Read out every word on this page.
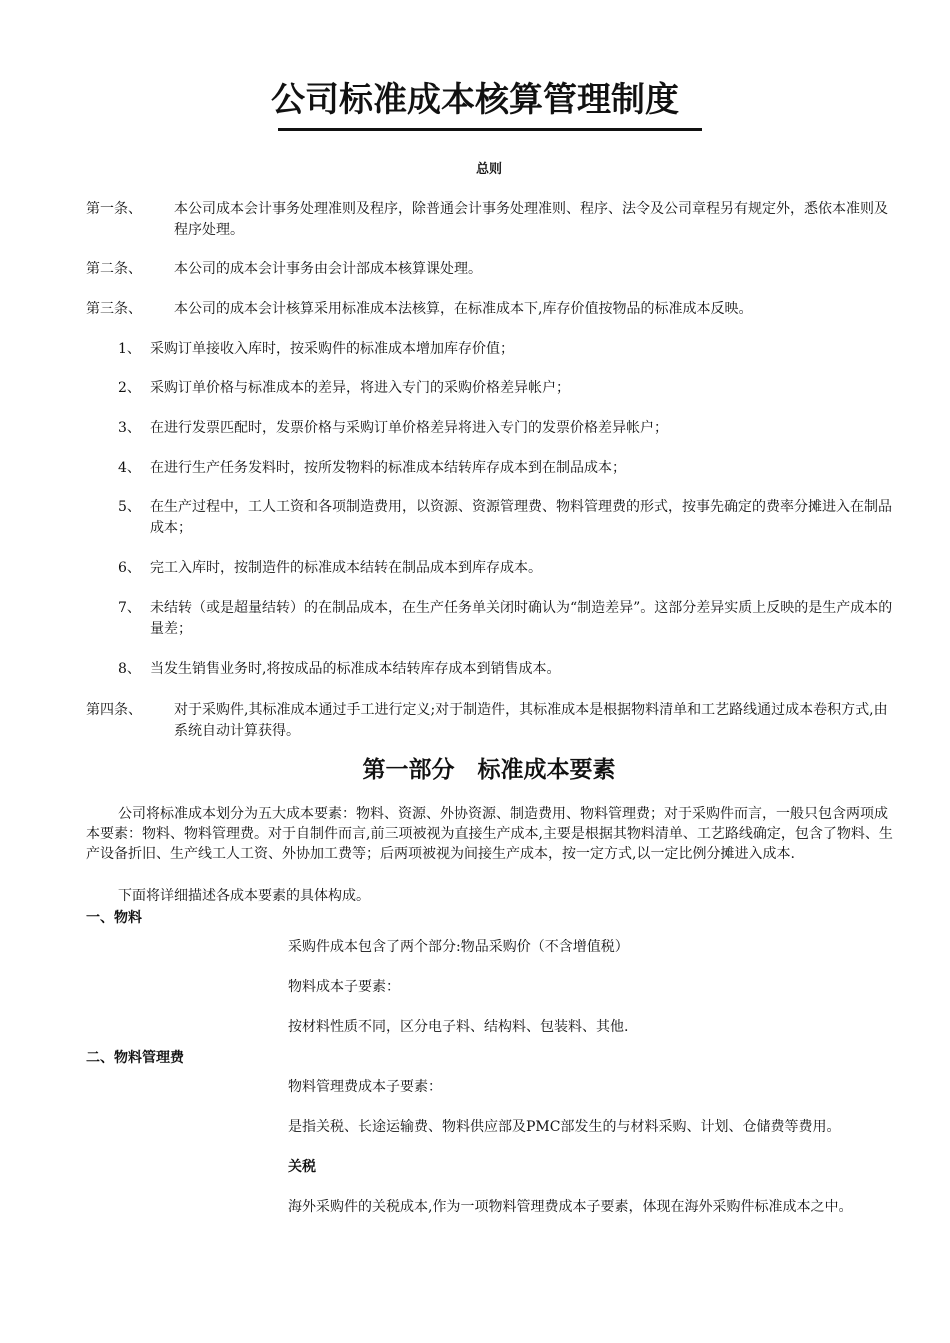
公司标准成本核算管理制度
总则
第一条、	本公司成本会计事务处理准则及程序，除普通会计事务处理准则、程序、法令及公司章程另有规定外，悉依本准则及程序处理。
第二条、	本公司的成本会计事务由会计部成本核算课处理。
第三条、	本公司的成本会计核算采用标准成本法核算，在标准成本下,库存价值按物品的标准成本反映。
1、 采购订单接收入库时，按采购件的标准成本增加库存价值；
2、 采购订单价格与标准成本的差异，将进入专门的采购价格差异帐户；
3、 在进行发票匹配时，发票价格与采购订单价格差异将进入专门的发票价格差异帐户；
4、 在进行生产任务发料时，按所发物料的标准成本结转库存成本到在制品成本；
5、 在生产过程中，工人工资和各项制造费用，以资源、资源管理费、物料管理费的形式，按事先确定的费率分摊进入在制品成本；
6、 完工入库时，按制造件的标准成本结转在制品成本到库存成本。
7、 未结转（或是超量结转）的在制品成本，在生产任务单关闭时确认为“制造差异”。这部分差异实质上反映的是生产成本的量差；
8、 当发生销售业务时,将按成品的标准成本结转库存成本到销售成本。
第四条、	对于采购件,其标准成本通过手工进行定义;对于制造件，其标准成本是根据物料清单和工艺路线通过成本卷积方式,由系统自动计算获得。
第一部分　标准成本要素
公司将标准成本划分为五大成本要素：物料、资源、外协资源、制造费用、物料管理费；对于采购件而言，一般只包含两项成本要素：物料、物料管理费。对于自制件而言,前三项被视为直接生产成本,主要是根据其物料清单、工艺路线确定，包含了物料、生产设备折旧、生产线工人工资、外协加工费等；后两项被视为间接生产成本，按一定方式,以一定比例分摊进入成本.
下面将详细描述各成本要素的具体构成。
一、物料
采购件成本包含了两个部分:物品采购价（不含增值税）
物料成本子要素：
按材料性质不同，区分电子料、结构料、包装料、其他.
二、物料管理费
物料管理费成本子要素：
是指关税、长途运输费、物料供应部及PMC部发生的与材料采购、计划、仓储费等费用。
关税
海外采购件的关税成本,作为一项物料管理费成本子要素，体现在海外采购件标准成本之中。
